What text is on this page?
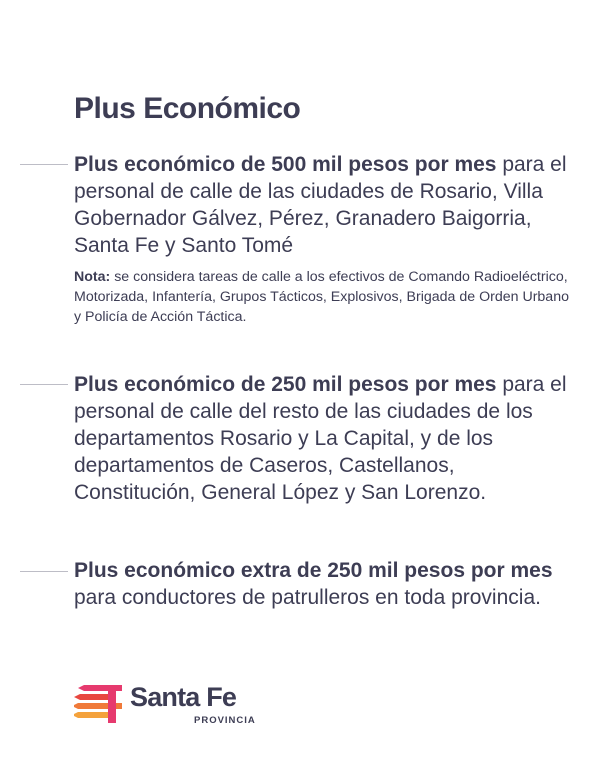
Plus Económico

Plus económico de 500 mil pesos por mes para el personal de calle de las ciudades de Rosario, Villa Gobernador Gálvez, Pérez, Granadero Baigorria, Santa Fe y Santo Tomé

Nota: se considera tareas de calle a los efectivos de Comando Radioeléctrico, Motorizada, Infantería, Grupos Tácticos, Explosivos, Brigada de Orden Urbano y Policía de Acción Táctica.

Plus económico de 250 mil pesos por mes para el personal de calle del resto de las ciudades de los departamentos Rosario y La Capital, y de los departamentos de Caseros, Castellanos, Constitución, General López y San Lorenzo.

Plus económico extra de 250 mil pesos por mes para conductores de patrulleros en toda provincia.

Santa Fe
PROVINCIA
